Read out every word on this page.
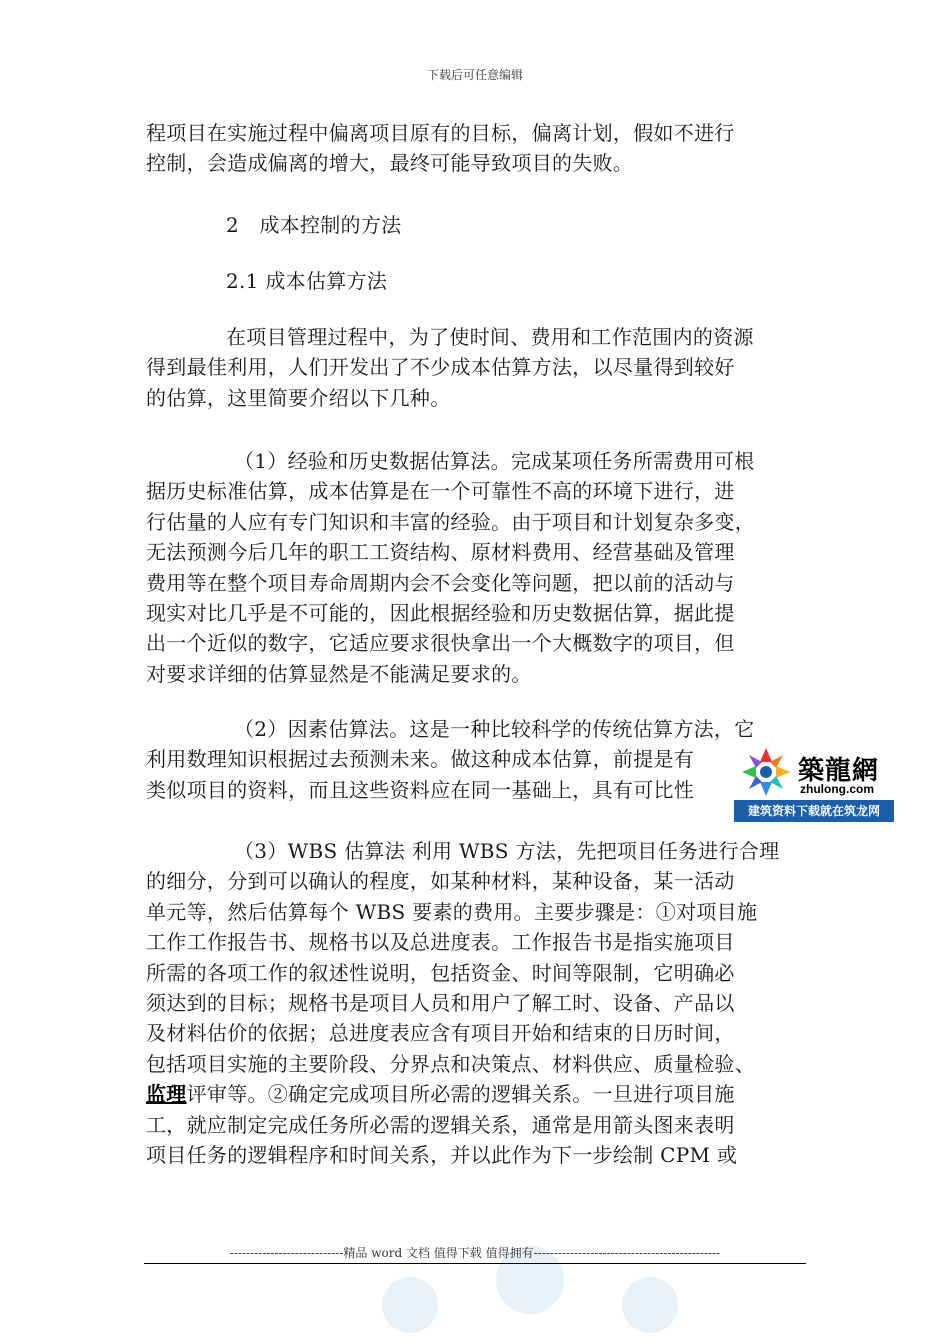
下载后可任意编辑
程项目在实施过程中偏离项目原有的目标，偏离计划，假如不进行
控制，会造成偏离的增大，最终可能导致项目的失败。
2　成本控制的方法
2.1 成本估算方法
在项目管理过程中，为了使时间、费用和工作范围内的资源
得到最佳利用，人们开发出了不少成本估算方法，以尽量得到较好
的估算，这里简要介绍以下几种。
（1）经验和历史数据估算法。完成某项任务所需费用可根
据历史标准估算，成本估算是在一个可靠性不高的环境下进行，进
行估量的人应有专门知识和丰富的经验。由于项目和计划复杂多变，
无法预测今后几年的职工工资结构、原材料费用、经营基础及管理
费用等在整个项目寿命周期内会不会变化等问题，把以前的活动与
现实对比几乎是不可能的，因此根据经验和历史数据估算，据此提
出一个近似的数字，它适应要求很快拿出一个大概数字的项目，但
对要求详细的估算显然是不能满足要求的。
（2）因素估算法。这是一种比较科学的传统估算方法，它
利用数理知识根据过去预测未来。做这种成本估算，前提是有
类似项目的资料，而且这些资料应在同一基础上，具有可比性
築龍網
zhulong.com
建筑资料下载就在筑龙网
（3）WBS 估算法 利用 WBS 方法，先把项目任务进行合理
的细分，分到可以确认的程度，如某种材料，某种设备，某一活动
单元等，然后估算每个 WBS 要素的费用。主要步骤是：①对项目施
工作工作报告书、规格书以及总进度表。工作报告书是指实施项目
所需的各项工作的叙述性说明，包括资金、时间等限制，它明确必
须达到的目标；规格书是项目人员和用户了解工时、设备、产品以
及材料估价的依据；总进度表应含有项目开始和结束的日历时间，
包括项目实施的主要阶段、分界点和决策点、材料供应、质量检验、
监理评审等。②确定完成项目所必需的逻辑关系。一旦进行项目施
工，就应制定完成任务所必需的逻辑关系，通常是用箭头图来表明
项目任务的逻辑程序和时间关系，并以此作为下一步绘制 CPM 或
----------------------------精品 word 文档 值得下载 值得拥有----------------------------------------------
